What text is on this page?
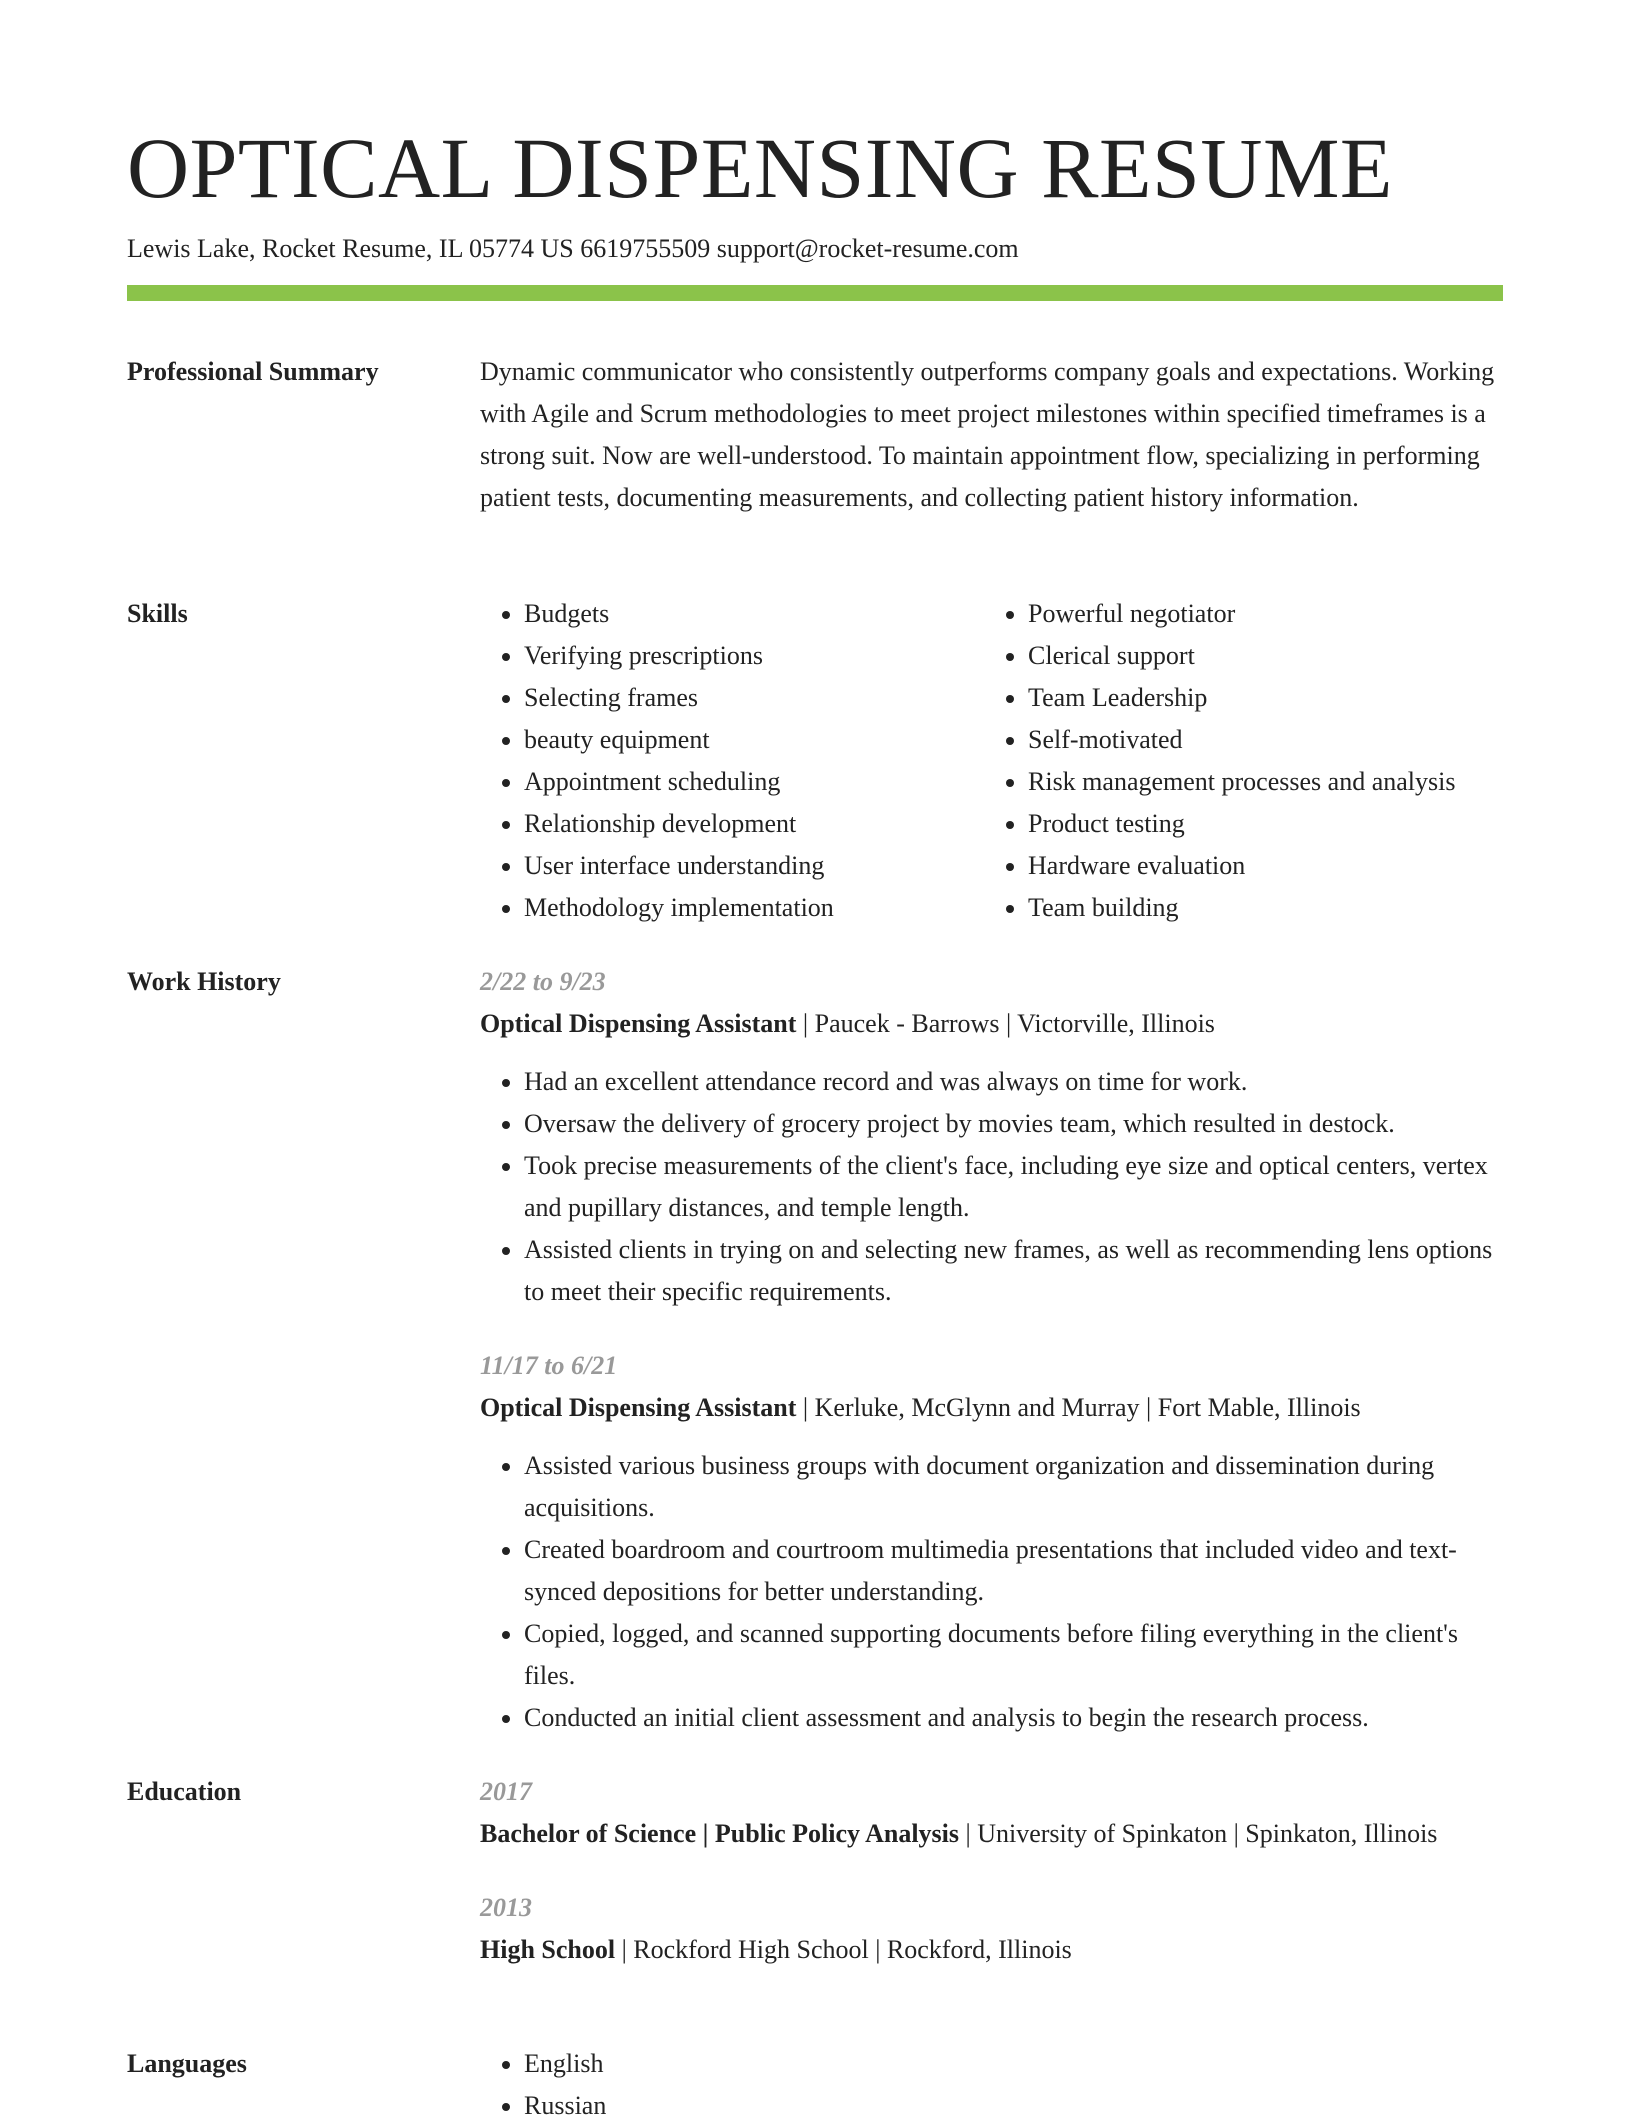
OPTICAL DISPENSING RESUME
Lewis Lake, Rocket Resume, IL 05774 US 6619755509 support@rocket-resume.com
Professional Summary	Dynamic communicator who consistently outperforms company goals and expectations. Working with Agile and Scrum methodologies to meet project milestones within specified timeframes is a strong suit. Now are well-understood. To maintain appointment flow, specializing in performing patient tests, documenting measurements, and collecting patient history information.

Skills	• Budgets
• Verifying prescriptions
• Selecting frames
• beauty equipment
• Appointment scheduling
• Relationship development
• User interface understanding
• Methodology implementation
• Powerful negotiator
• Clerical support
• Team Leadership
• Self-motivated
• Risk management processes and analysis
• Product testing
• Hardware evaluation
• Team building
Work History	2/22 to 9/23
Optical Dispensing Assistant | Paucek - Barrows | Victorville, Illinois
• Had an excellent attendance record and was always on time for work.
• Oversaw the delivery of grocery project by movies team, which resulted in destock.
• Took precise measurements of the client's face, including eye size and optical centers, vertex and pupillary distances, and temple length.
• Assisted clients in trying on and selecting new frames, as well as recommending lens options to meet their specific requirements.
11/17 to 6/21
Optical Dispensing Assistant | Kerluke, McGlynn and Murray | Fort Mable, Illinois
• Assisted various business groups with document organization and dissemination during acquisitions.
• Created boardroom and courtroom multimedia presentations that included video and text-synced depositions for better understanding.
• Copied, logged, and scanned supporting documents before filing everything in the client's files.
• Conducted an initial client assessment and analysis to begin the research process.
Education	2017
Bachelor of Science | Public Policy Analysis | University of Spinkaton | Spinkaton, Illinois
2013
High School | Rockford High School | Rockford, Illinois
Languages	• English
• Russian
